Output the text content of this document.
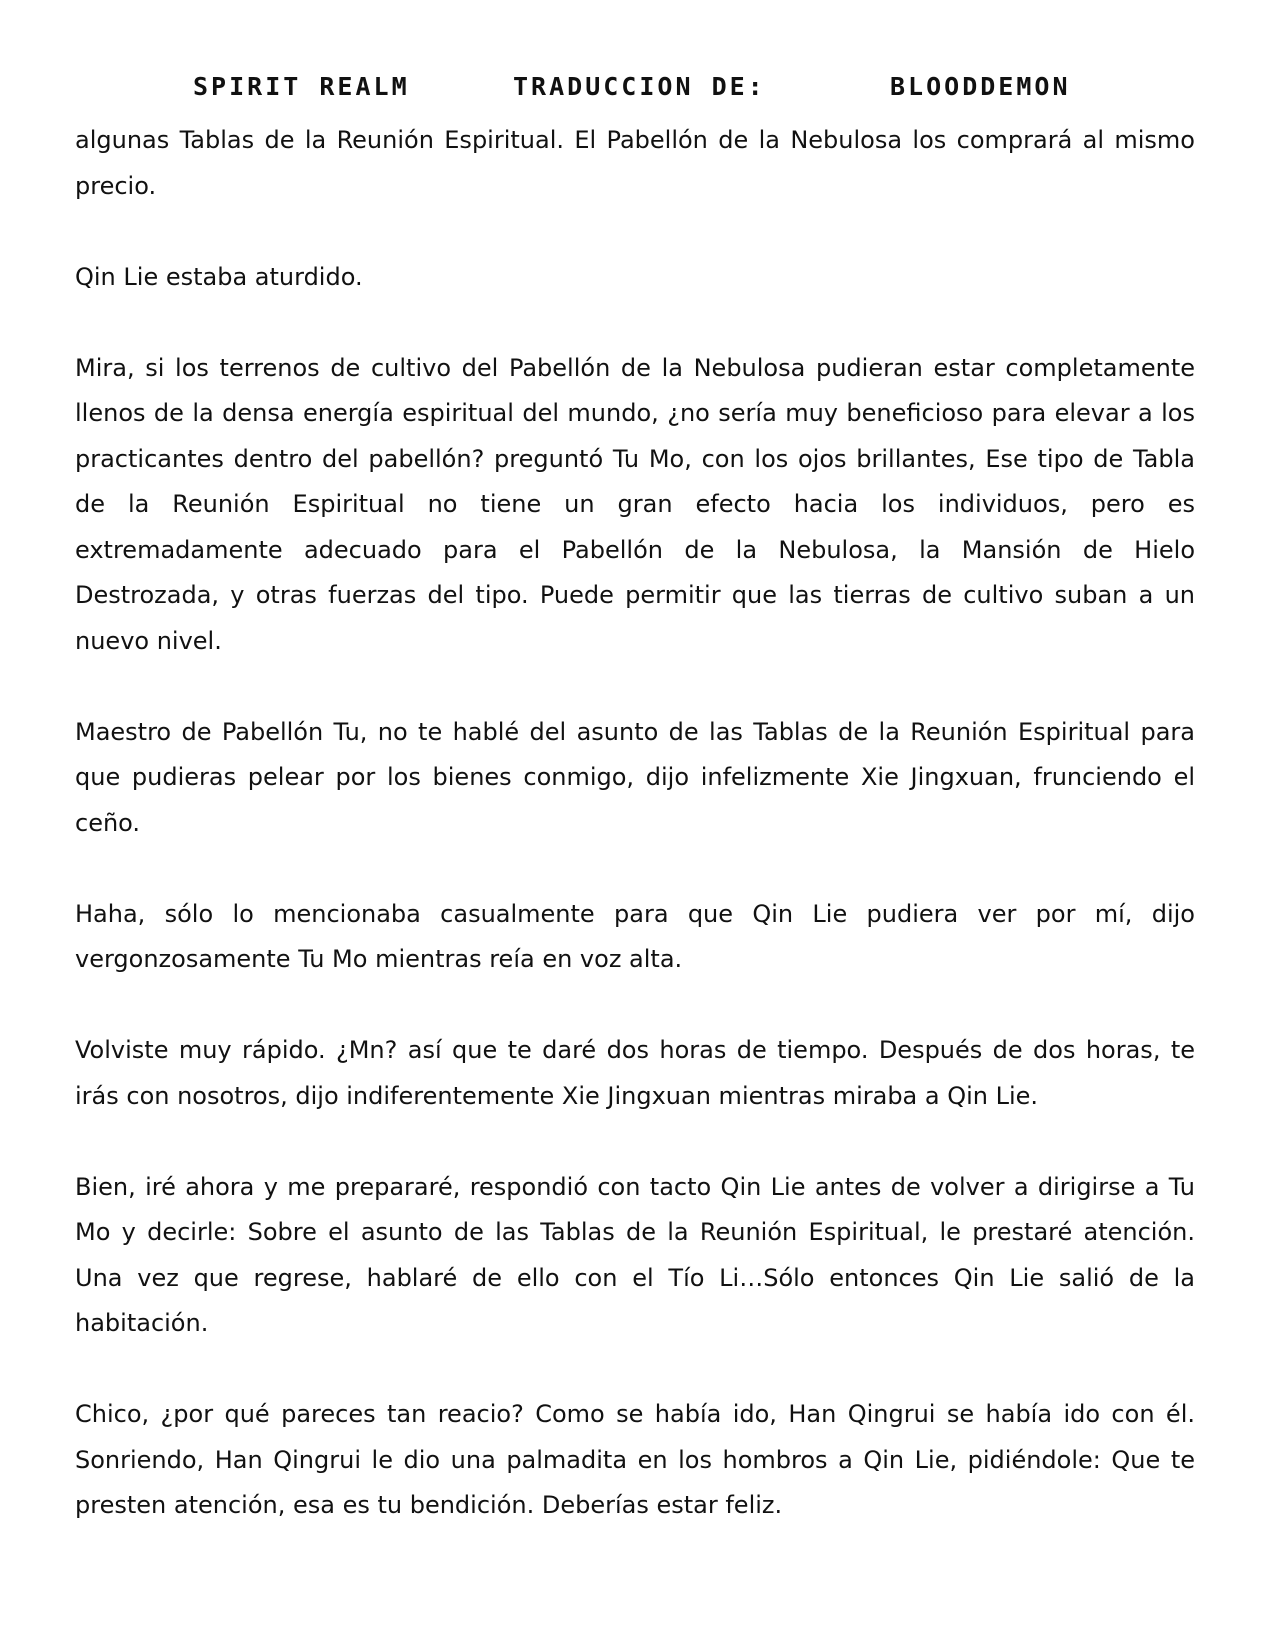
SPIRIT REALM	TRADUCCION DE:	BLOODDEMON

algunas Tablas de la Reunión Espiritual. El Pabellón de la Nebulosa los comprará al mismo precio.

Qin Lie estaba aturdido.

Mira, si los terrenos de cultivo del Pabellón de la Nebulosa pudieran estar completamente llenos de la densa energía espiritual del mundo, ¿no sería muy beneficioso para elevar a los practicantes dentro del pabellón? preguntó Tu Mo, con los ojos brillantes, Ese tipo de Tabla de la Reunión Espiritual no tiene un gran efecto hacia los individuos, pero es extremadamente adecuado para el Pabellón de la Nebulosa, la Mansión de Hielo Destrozada, y otras fuerzas del tipo. Puede permitir que las tierras de cultivo suban a un nuevo nivel.

Maestro de Pabellón Tu, no te hablé del asunto de las Tablas de la Reunión Espiritual para que pudieras pelear por los bienes conmigo, dijo infelizmente Xie Jingxuan, frunciendo el ceño.

Haha, sólo lo mencionaba casualmente para que Qin Lie pudiera ver por mí, dijo vergonzosamente Tu Mo mientras reía en voz alta.

Volviste muy rápido. ¿Mn? así que te daré dos horas de tiempo. Después de dos horas, te irás con nosotros, dijo indiferentemente Xie Jingxuan mientras miraba a Qin Lie.

Bien, iré ahora y me prepararé, respondió con tacto Qin Lie antes de volver a dirigirse a Tu Mo y decirle: Sobre el asunto de las Tablas de la Reunión Espiritual, le prestaré atención. Una vez que regrese, hablaré de ello con el Tío Li…Sólo entonces Qin Lie salió de la habitación.

Chico, ¿por qué pareces tan reacio? Como se había ido, Han Qingrui se había ido con él. Sonriendo, Han Qingrui le dio una palmadita en los hombros a Qin Lie, pidiéndole: Que te presten atención, esa es tu bendición. Deberías estar feliz.
